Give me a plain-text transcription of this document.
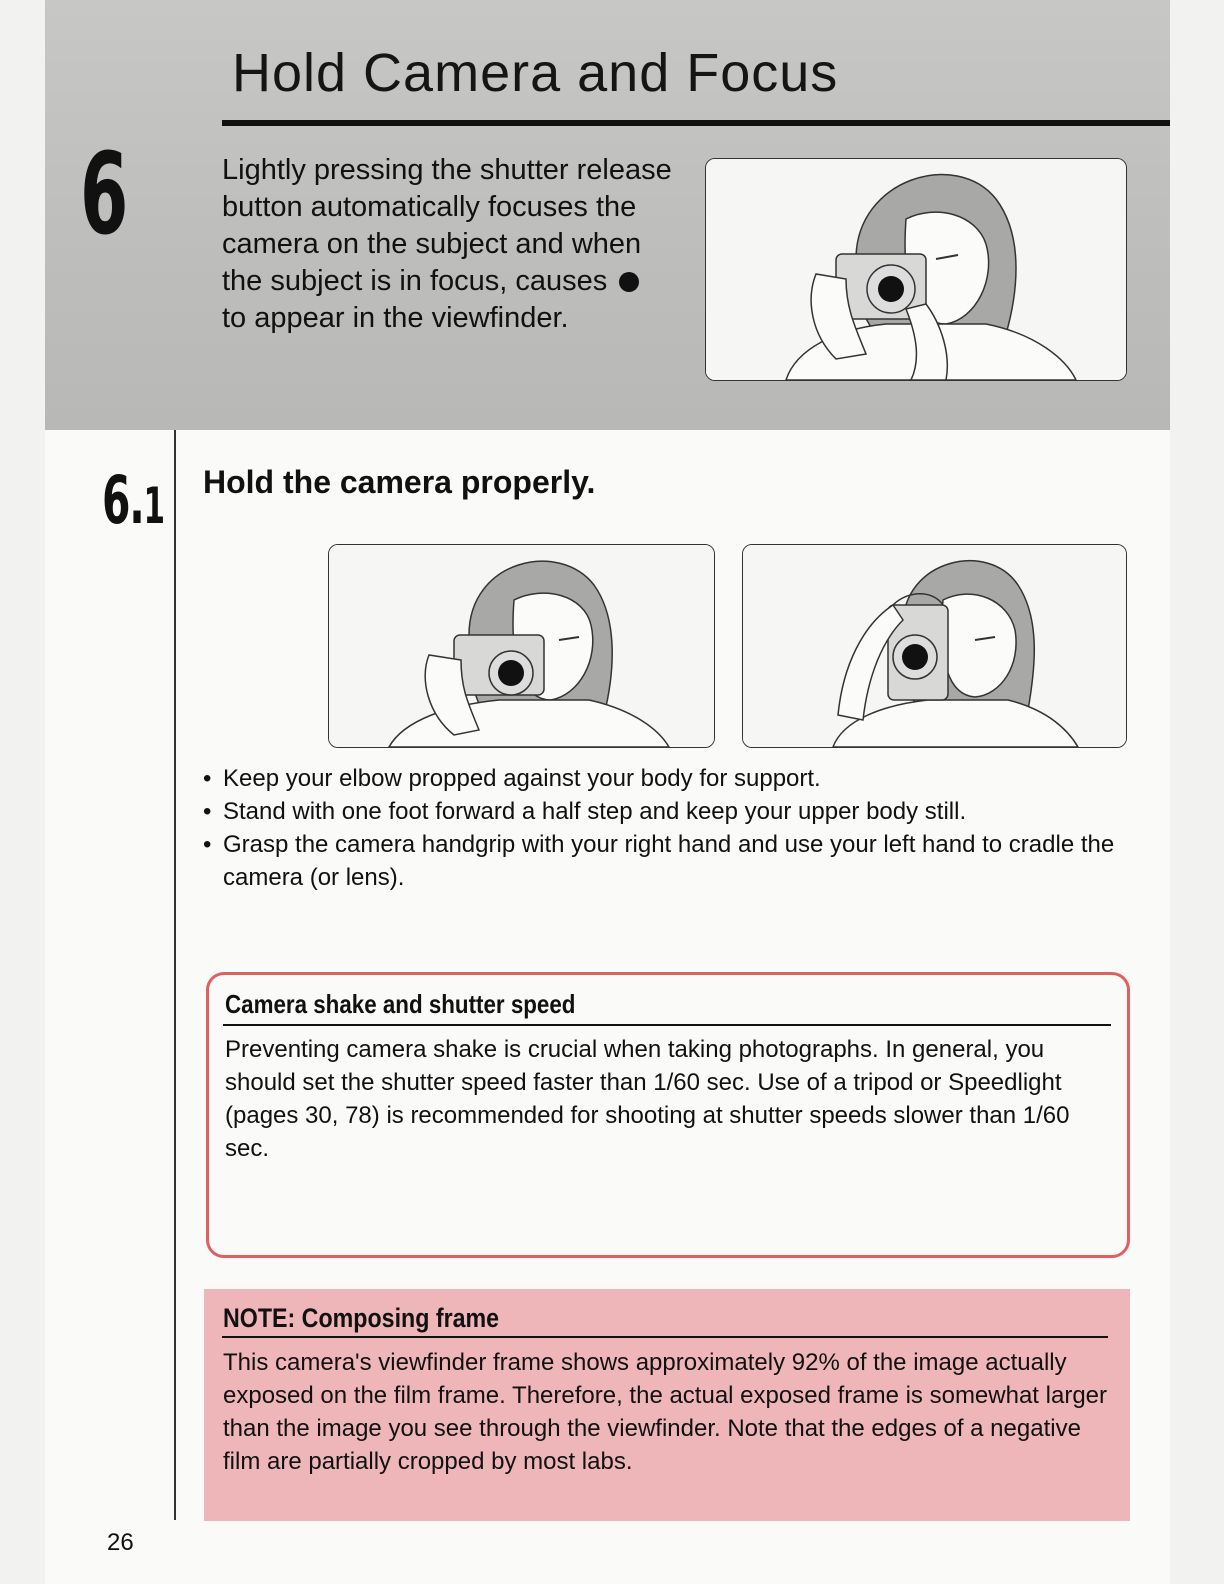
Hold Camera and Focus
6	Lightly pressing the shutter release button automatically focuses the camera on the subject and when the subject is in focus, causes  to appear in the viewfinder.
6.1 Hold the camera properly.
• Keep your elbow propped against your body for support.
• Stand with one foot forward a half step and keep your upper body still.
• Grasp the camera handgrip with your right hand and use your left hand to cradle the camera (or lens).
Camera shake and shutter speed
Preventing camera shake is crucial when taking photographs. In general, you should set the shutter speed faster than 1/60 sec. Use of a tripod or Speedlight (pages 30, 78) is recommended for shooting at shutter speeds slower than 1/60 sec.
NOTE: Composing frame
This camera's viewfinder frame shows approximately 92% of the image actually exposed on the film frame. Therefore, the actual exposed frame is somewhat larger than the image you see through the viewfinder. Note that the edges of a negative film are partially cropped by most labs.
26
